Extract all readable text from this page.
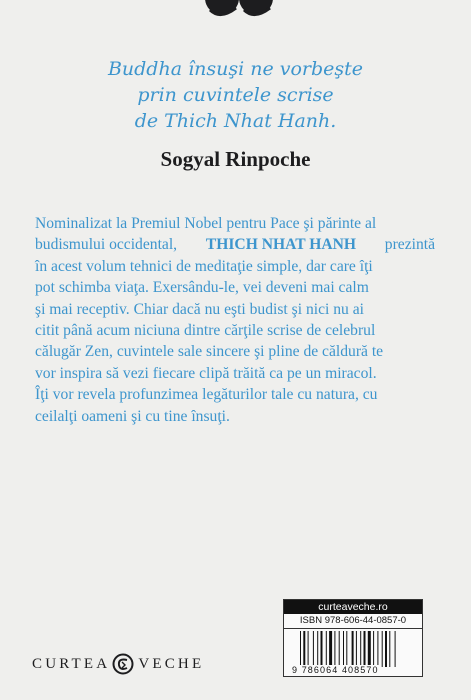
Buddha însuşi ne vorbeşte
prin cuvintele scrise
de Thich Nhat Hanh.
Sogyal Rinpoche
Nominalizat la Premiul Nobel pentru Pace şi părinte al
budismului occidental, THICH NHAT HANH prezintă
în acest volum tehnici de meditaţie simple, dar care îţi
pot schimba viaţa. Exersându-le, vei deveni mai calm
şi mai receptiv. Chiar dacă nu eşti budist şi nici nu ai
citit până acum niciuna dintre cărţile scrise de celebrul
călugăr Zen, cuvintele sale sincere şi pline de căldură te
vor inspira să vezi fiecare clipă trăită ca pe un miracol.
Îţi vor revela profunzimea legăturilor tale cu natura, cu
ceilalţi oameni şi cu tine însuţi.
CURTEA VECHE
curteaveche.ro
ISBN 978-606-44-0857-0
9 786064 408570
